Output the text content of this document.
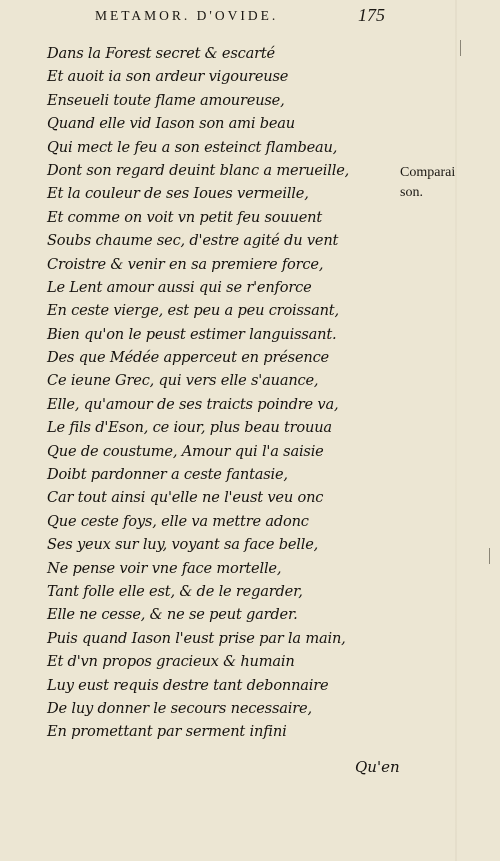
METAMOR. D'OVIDE.	175
Dans la Forest secret & escarté
Et auoit ia son ardeur vigoureuse
Enseueli toute flame amoureuse,
Quand elle vid Iason son ami beau
Qui mect le feu a son esteinct flambeau,
Dont son regard deuint blanc a merueille,
Et la couleur de ses Ioues vermeille,
Et comme on voit vn petit feu souuent
Soubs chaume sec, d'estre agité du vent
Croistre & venir en sa premiere force,
Le Lent amour aussi qui se r'enforce
En ceste vierge, est peu a peu croissant,
Bien qu'on le peust estimer languissant.
Des que Médée apperceut en présence
Ce ieune Grec, qui vers elle s'auance,
Elle, qu'amour de ses traicts poindre va,
Le fils d'Eson, ce iour, plus beau trouua
Que de coustume, Amour qui l'a saisie
Doibt pardonner a ceste fantasie,
Car tout ainsi qu'elle ne l'eust veu onc
Que ceste foys, elle va mettre adonc
Ses yeux sur luy, voyant sa face belle,
Ne pense voir vne face mortelle,
Tant folle elle est, & de le regarder,
Elle ne cesse, & ne se peut garder.
Puis quand Iason l'eust prise par la main,
Et d'vn propos gracieux & humain
Luy eust requis destre tant debonnaire
De luy donner le secours necessaire,
En promettant par serment infini
Comparai
son.
Qu'en
